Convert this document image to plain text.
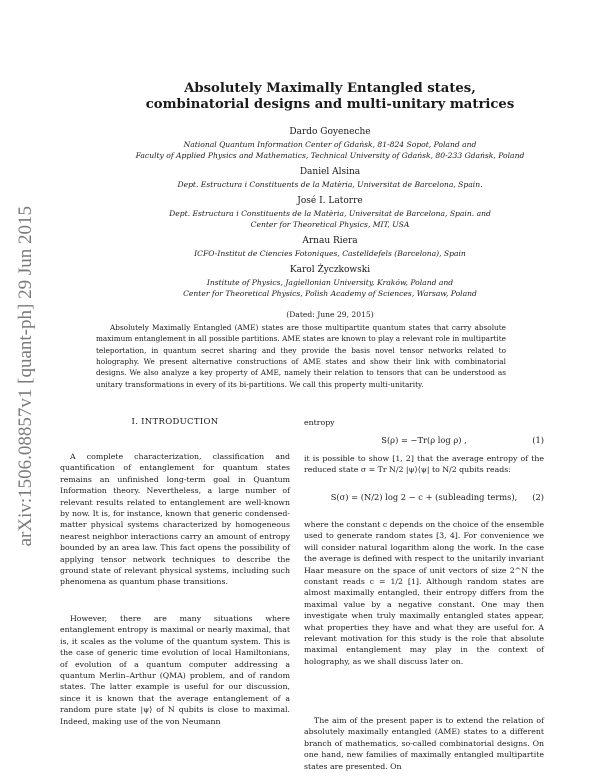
arXiv:1506.08857v1 [quant-ph] 29 Jun 2015
Absolutely Maximally Entangled states,
combinatorial designs and multi-unitary matrices
Dardo Goyeneche
National Quantum Information Center of Gdańsk, 81-824 Sopot, Poland and
Faculty of Applied Physics and Mathematics, Technical University of Gdańsk, 80-233 Gdańsk, Poland
Daniel Alsina
Dept. Estructura i Constituents de la Matèria, Universitat de Barcelona, Spain.
José I. Latorre
Dept. Estructura i Constituents de la Matèria, Universitat de Barcelona, Spain. and
Center for Theoretical Physics, MIT, USA
Arnau Riera
ICFO-Institut de Ciencies Fotoniques, Castelldefels (Barcelona), Spain
Karol Życzkowski
Institute of Physics, Jagiellonian University, Kraków, Poland and
Center for Theoretical Physics, Polish Academy of Sciences, Warsaw, Poland
(Dated: June 29, 2015)
Absolutely Maximally Entangled (AME) states are those multipartite quantum states that carry absolute maximum entanglement in all possible partitions. AME states are known to play a relevant role in multipartite teleportation, in quantum secret sharing and they provide the basis novel tensor networks related to holography. We present alternative constructions of AME states and show their link with combinatorial designs. We also analyze a key property of AME, namely their relation to tensors that can be understood as unitary transformations in every of its bi-partitions. We call this property multi-unitarity.
I. INTRODUCTION

A complete characterization, classification and quantification of entanglement for quantum states remains an unfinished long-term goal in Quantum Information theory. Nevertheless, a large number of relevant results related to entanglement are well-known by now. It is, for instance, known that generic condensed-matter physical systems characterized by homogeneous nearest neighbor interactions carry an amount of entropy bounded by an area law. This fact opens the possibility of applying tensor network techniques to describe the ground state of relevant physical systems, including such phenomena as quantum phase transitions.

However, there are many situations where entanglement entropy is maximal or nearly maximal, that is, it scales as the volume of the quantum system. This is the case of generic time evolution of local Hamiltonians, of evolution of a quantum computer addressing a quantum Merlin–Arthur (QMA) problem, and of random states. The latter example is useful for our discussion, since it is known that the average entanglement of a random pure state |ψ⟩ of N qubits is close to maximal. Indeed, making use of the von Neumann

entropy
S(ρ) = −Tr(ρ log ρ) ,	(1)

it is possible to show [1, 2] that the average entropy of the reduced state σ = Tr N/2 |ψ⟩⟨ψ| to N/2 qubits reads:

S(σ) = (N/2) log 2 − c + (subleading terms),	(2)

where the constant c depends on the choice of the ensemble used to generate random states [3, 4]. For convenience we will consider natural logarithm along the work. In the case the average is defined with respect to the unitarily invariant Haar measure on the space of unit vectors of size 2^N the constant reads c = 1/2 [1]. Although random states are almost maximally entangled, their entropy differs from the maximal value by a negative constant. One may then investigate when truly maximally entangled states appear, what properties they have and what they are useful for. A relevant motivation for this study is the role that absolute maximal entanglement may play in the context of holography, as we shall discuss later on.

The aim of the present paper is to extend the relation of absolutely maximally entangled (AME) states to a different branch of mathematics, so-called combinatorial designs. On one hand, new families of maximally entangled multipartite states are presented. On
